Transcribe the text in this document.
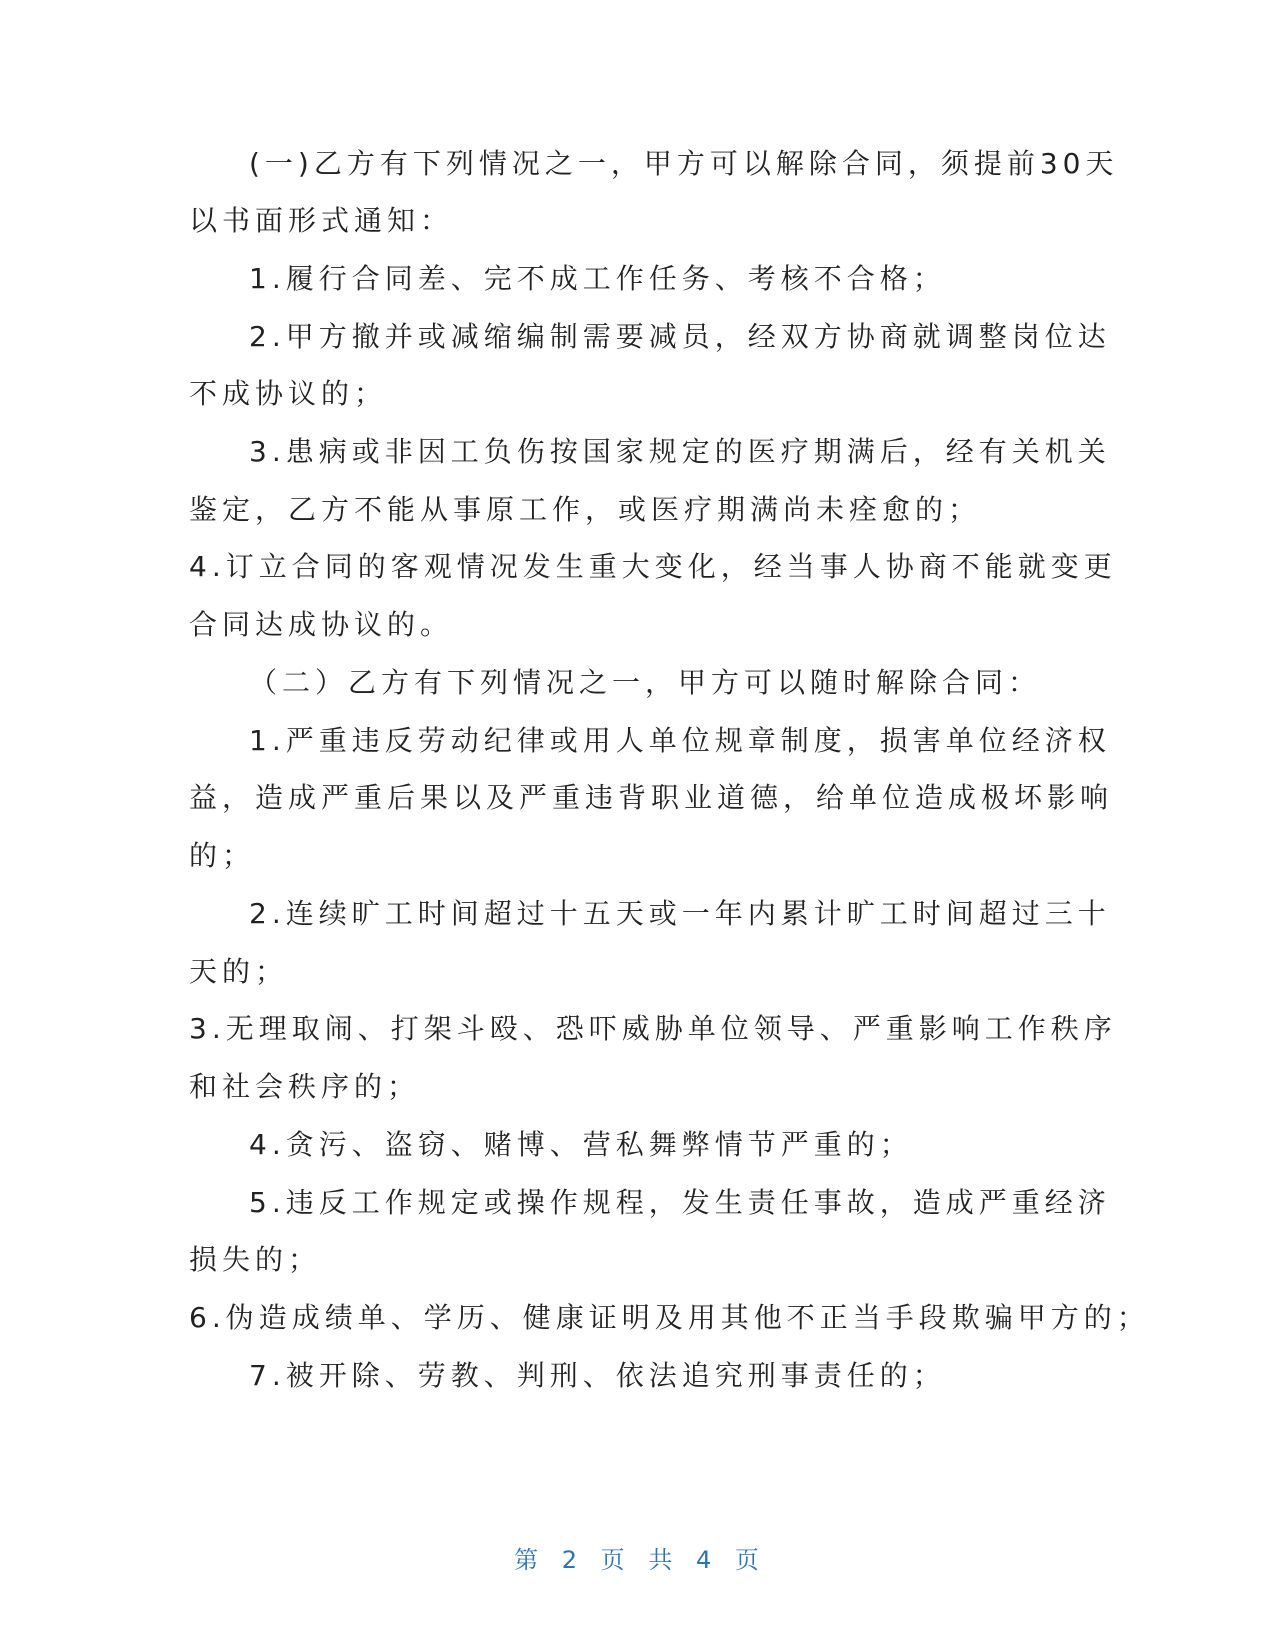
(一)乙方有下列情况之一，甲方可以解除合同，须提前30天
以书面形式通知：
1.履行合同差、完不成工作任务、考核不合格；
2.甲方撤并或减缩编制需要减员，经双方协商就调整岗位达
不成协议的；
3.患病或非因工负伤按国家规定的医疗期满后，经有关机关
鉴定，乙方不能从事原工作，或医疗期满尚未痊愈的；
4.订立合同的客观情况发生重大变化，经当事人协商不能就变更
合同达成协议的。
（二）乙方有下列情况之一，甲方可以随时解除合同：
1.严重违反劳动纪律或用人单位规章制度，损害单位经济权
益，造成严重后果以及严重违背职业道德，给单位造成极坏影响
的；
2.连续旷工时间超过十五天或一年内累计旷工时间超过三十
天的；
3.无理取闹、打架斗殴、恐吓威胁单位领导、严重影响工作秩序
和社会秩序的；
4.贪污、盗窃、赌博、营私舞弊情节严重的；
5.违反工作规定或操作规程，发生责任事故，造成严重经济
损失的；
6.伪造成绩单、学历、健康证明及用其他不正当手段欺骗甲方的；
7.被开除、劳教、判刑、依法追究刑事责任的；
第 2 页 共 4 页
